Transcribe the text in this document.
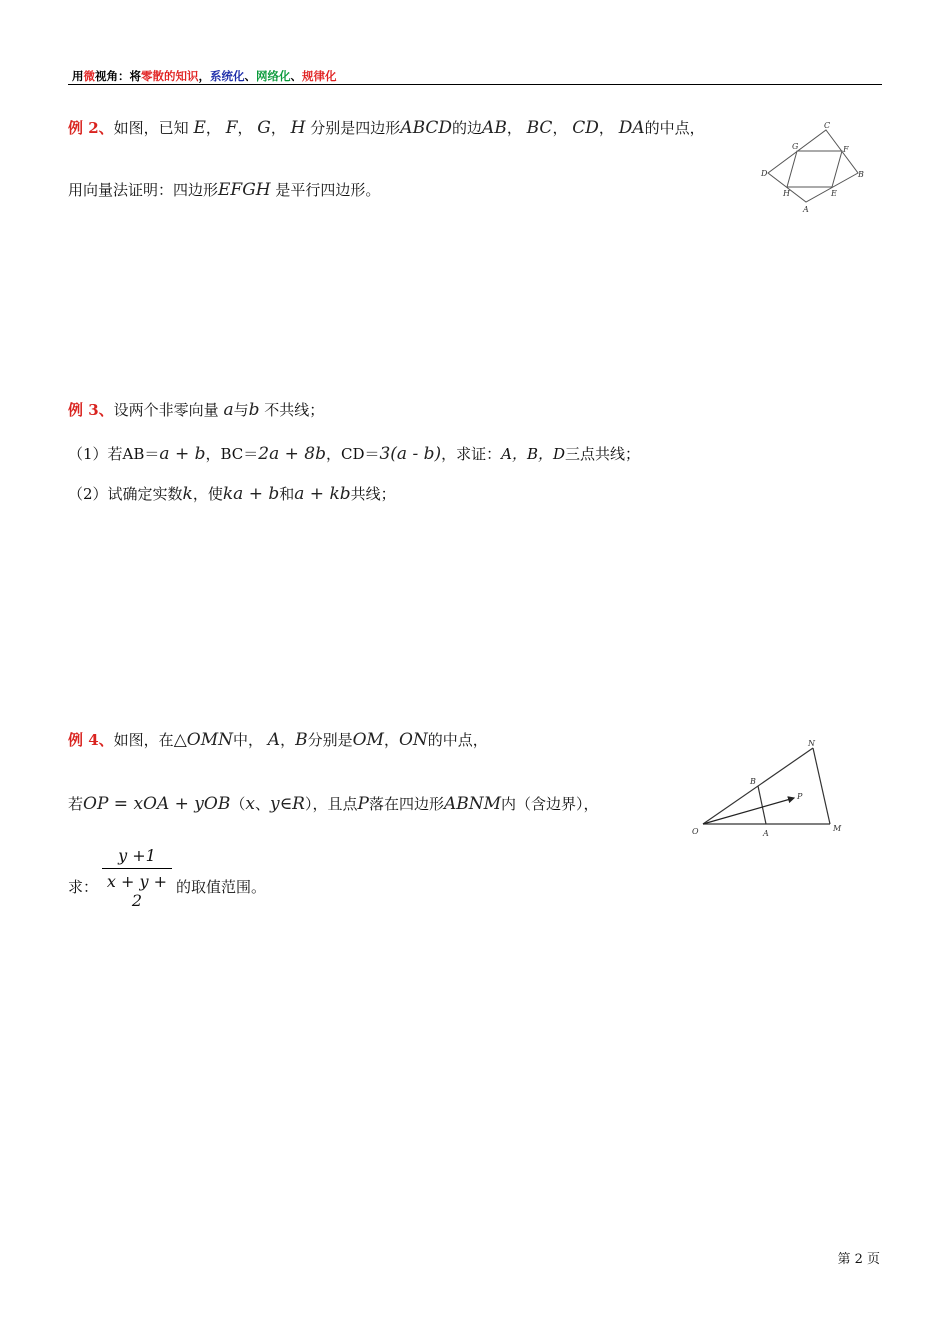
用微视角：将零散的知识，系统化、网络化、规律化
例 2、如图，已知 E， F， G， H 分别是四边形ABCD的边AB， BC， CD， DA的中点，
用向量法证明：四边形EFGH 是平行四边形。
C
G	F
D	B
H	E
A
例 3、设两个非零向量 a与b 不共线；
（1）若AB＝a + b，BC＝2a + 8b，CD＝3(a - b)，求证：A，B，D三点共线；
（2）试确定实数k，使ka + b和a + kb共线；
例 4、如图，在△OMN中， A，B分别是OM，ON的中点，
若OP = xOA + yOB（x、y∈R），且点P落在四边形ABNM内（含边界），
求：
y +1
x + y + 2
的取值范围。
N
B
P
O	A
M
第 2 页
